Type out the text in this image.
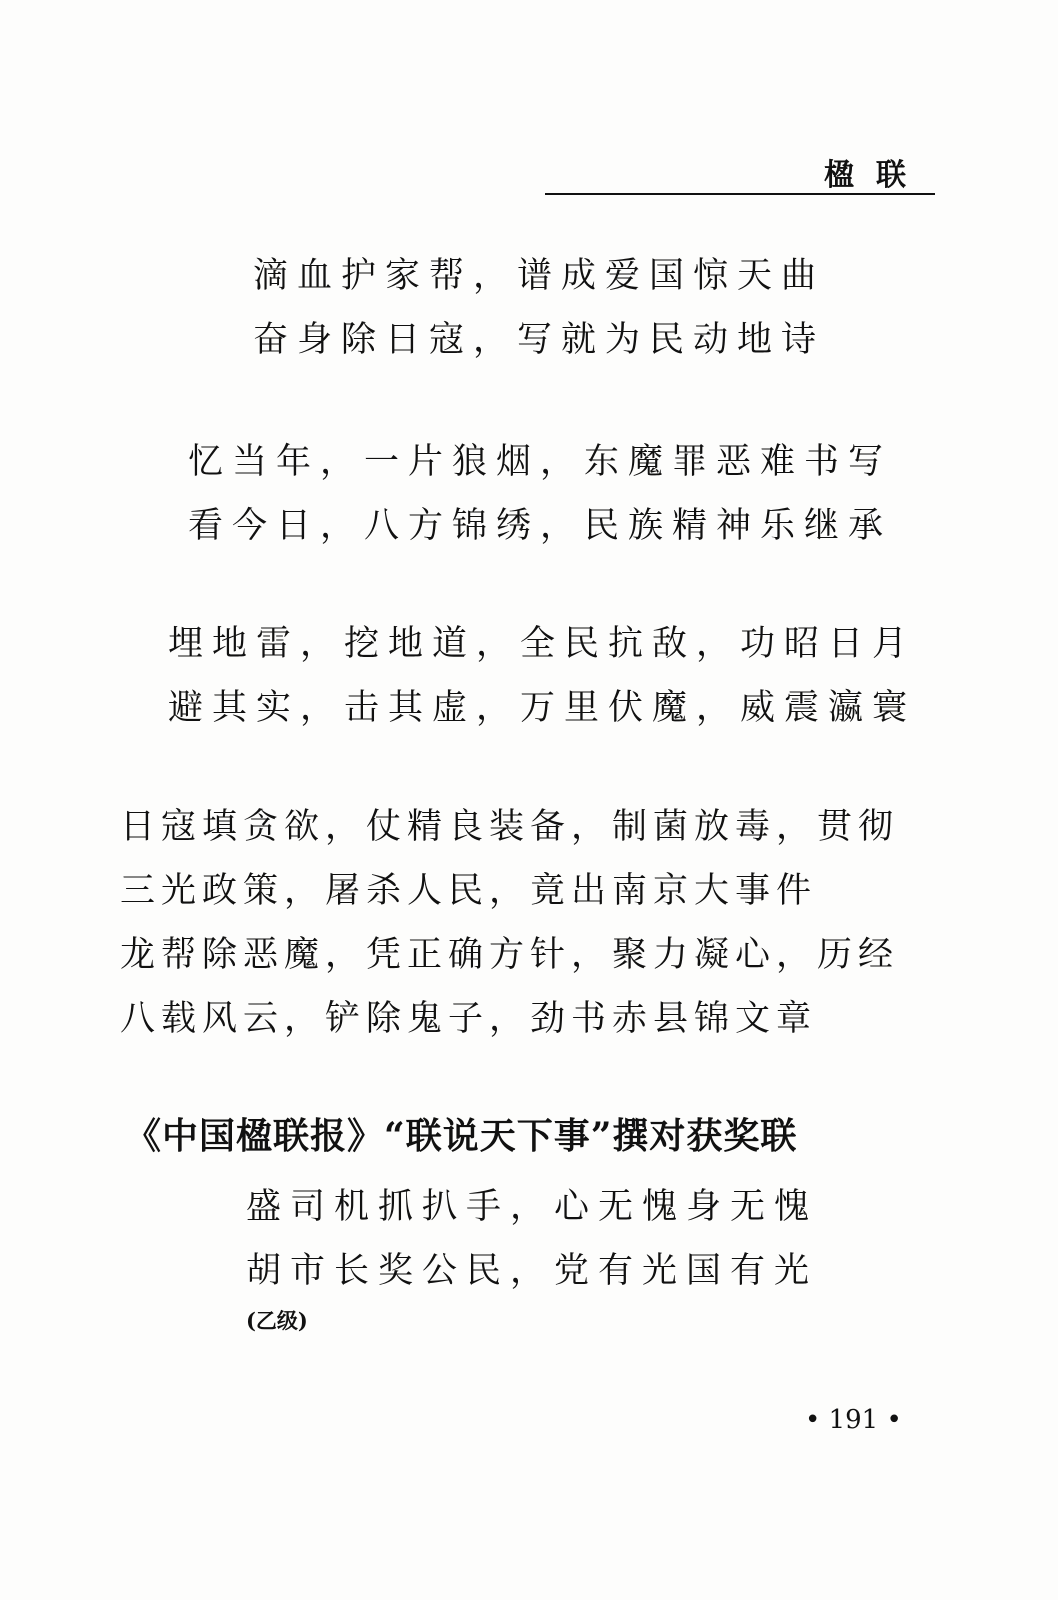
楹联
滴血护家帮，谱成爱国惊天曲
奋身除日寇，写就为民动地诗
忆当年，一片狼烟，东魔罪恶难书写
看今日，八方锦绣，民族精神乐继承
埋地雷，挖地道，全民抗敌，功昭日月
避其实，击其虚，万里伏魔，威震瀛寰
日寇填贪欲，仗精良装备，制菌放毒，贯彻
三光政策，屠杀人民，竟出南京大事件
龙帮除恶魔，凭正确方针，聚力凝心，历经
八载风云，铲除鬼子，劲书赤县锦文章
《中国楹联报》“联说天下事”撰对获奖联
盛司机抓扒手，心无愧身无愧
胡市长奖公民，党有光国有光
(乙级)
• 191 •
